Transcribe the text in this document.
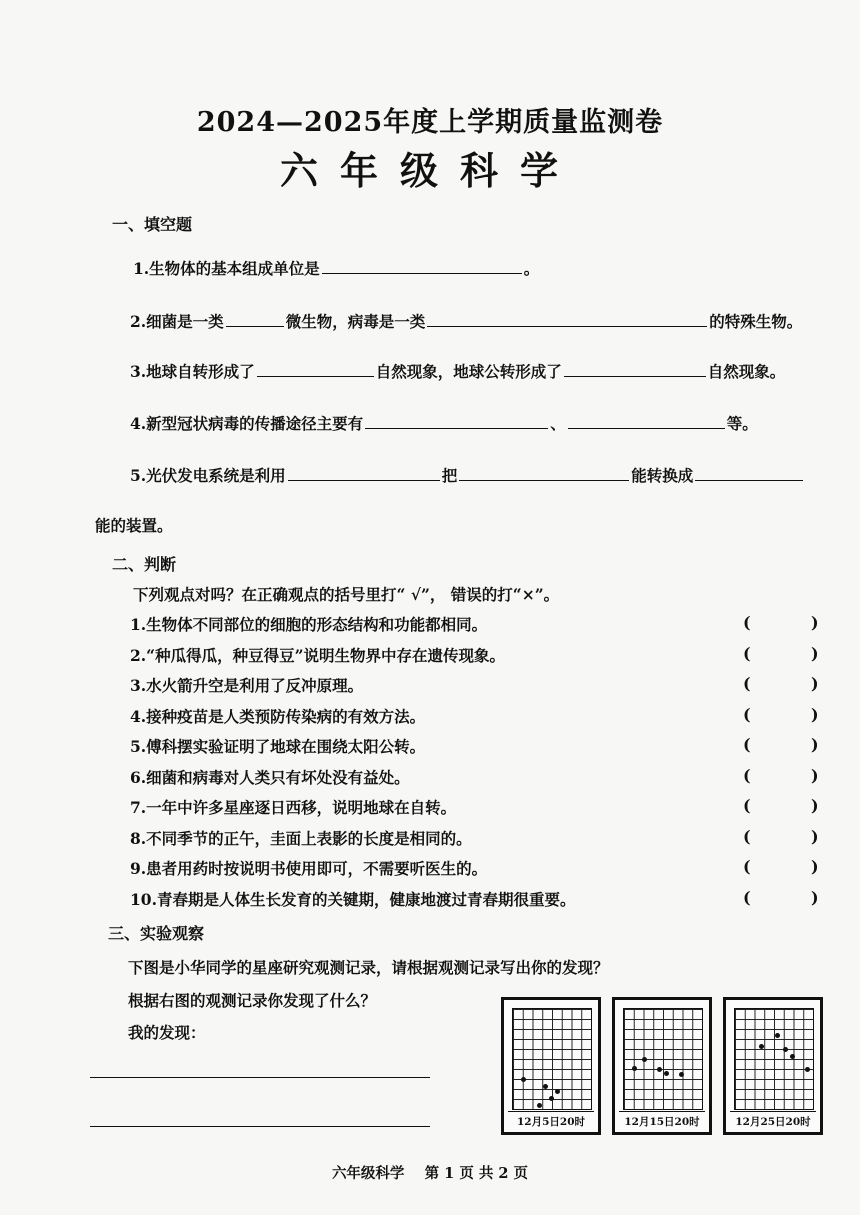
2024—2025年度上学期质量监测卷
六年级科学
一、填空题
1.生物体的基本组成单位是	。
2.细菌是一类	微生物，病毒是一类	的特殊生物。
3.地球自转形成了	自然现象，地球公转形成了	自然现象。
4.新型冠状病毒的传播途径主要有	、	等。
5.光伏发电系统是利用	把	能转换成
能的装置。
二、判断
下列观点对吗？在正确观点的括号里打“ √”， 错误的打“×”。
1.生物体不同部位的细胞的形态结构和功能都相同。	(	)
2.“种瓜得瓜，种豆得豆”说明生物界中存在遗传现象。	(	)
3.水火箭升空是利用了反冲原理。	(	)
4.接种疫苗是人类预防传染病的有效方法。	(	)
5.傅科摆实验证明了地球在围绕太阳公转。	(	)
6.细菌和病毒对人类只有坏处没有益处。	(	)
7.一年中许多星座逐日西移，说明地球在自转。	(	)
8.不同季节的正午，圭面上表影的长度是相同的。	(	)
9.患者用药时按说明书使用即可，不需要听医生的。	(	)
10.青春期是人体生长发育的关键期，健康地渡过青春期很重要。	(	)
三、实验观察
下图是小华同学的星座研究观测记录，请根据观测记录写出你的发现？
根据右图的观测记录你发现了什么？
我的发现：
12月5日20时	12月15日20时	12月25日20时
六年级科学    第 1 页 共 2 页
